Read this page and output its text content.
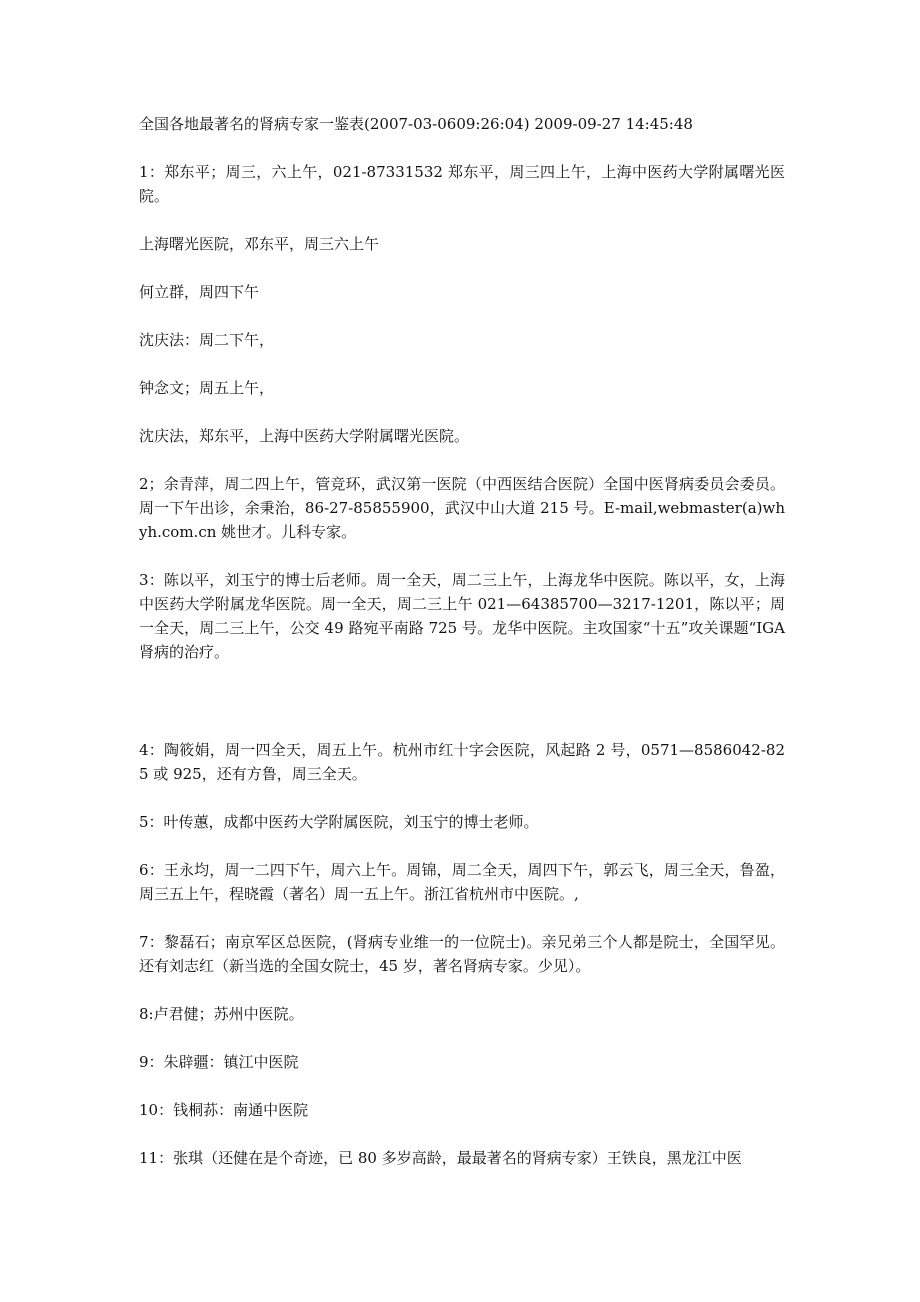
全国各地最著名的肾病专家一鉴表(2007-03-0609:26:04) 2009-09-27 14:45:48
1：郑东平；周三，六上午，021-87331532 郑东平，周三四上午，上海中医药大学附属曙光医院。
上海曙光医院，邓东平，周三六上午
何立群，周四下午
沈庆法：周二下午，
钟念文；周五上午，
沈庆法，郑东平，上海中医药大学附属曙光医院。
2；余青萍，周二四上午，管竞环，武汉第一医院（中西医结合医院）全国中医肾病委员会委员。周一下午出诊，余秉治，86-27-85855900，武汉中山大道 215 号。E-mail,webmaster(a)whyh.com.cn 姚世才。儿科专家。
3：陈以平，刘玉宁的博士后老师。周一全天，周二三上午，上海龙华中医院。陈以平，女，上海中医药大学附属龙华医院。周一全天，周二三上午 021—64385700—3217-1201，陈以平；周一全天，周二三上午，公交 49 路宛平南路 725 号。龙华中医院。主攻国家“十五”攻关课题“IGA 肾病的治疗。
4：陶筱娟，周一四全天，周五上午。杭州市红十字会医院，风起路 2 号，0571—8586042-825 或 925，还有方鲁，周三全天。
5：叶传蕙，成都中医药大学附属医院，刘玉宁的博士老师。
6：王永均，周一二四下午，周六上午。周锦，周二全天，周四下午，郭云飞，周三全天，鲁盈，周三五上午，程晓霞（著名）周一五上午。浙江省杭州市中医院。,
7：黎磊石；南京军区总医院，(肾病专业维一的一位院士)。亲兄弟三个人都是院士，全国罕见。还有刘志红（新当选的全国女院士，45 岁，著名肾病专家。少见）。
8:卢君健；苏州中医院。
9：朱辟疆：镇江中医院
10：钱桐荪：南通中医院
11：张琪（还健在是个奇迹，已 80 多岁高龄，最最著名的肾病专家）王铁良，黑龙江中医
